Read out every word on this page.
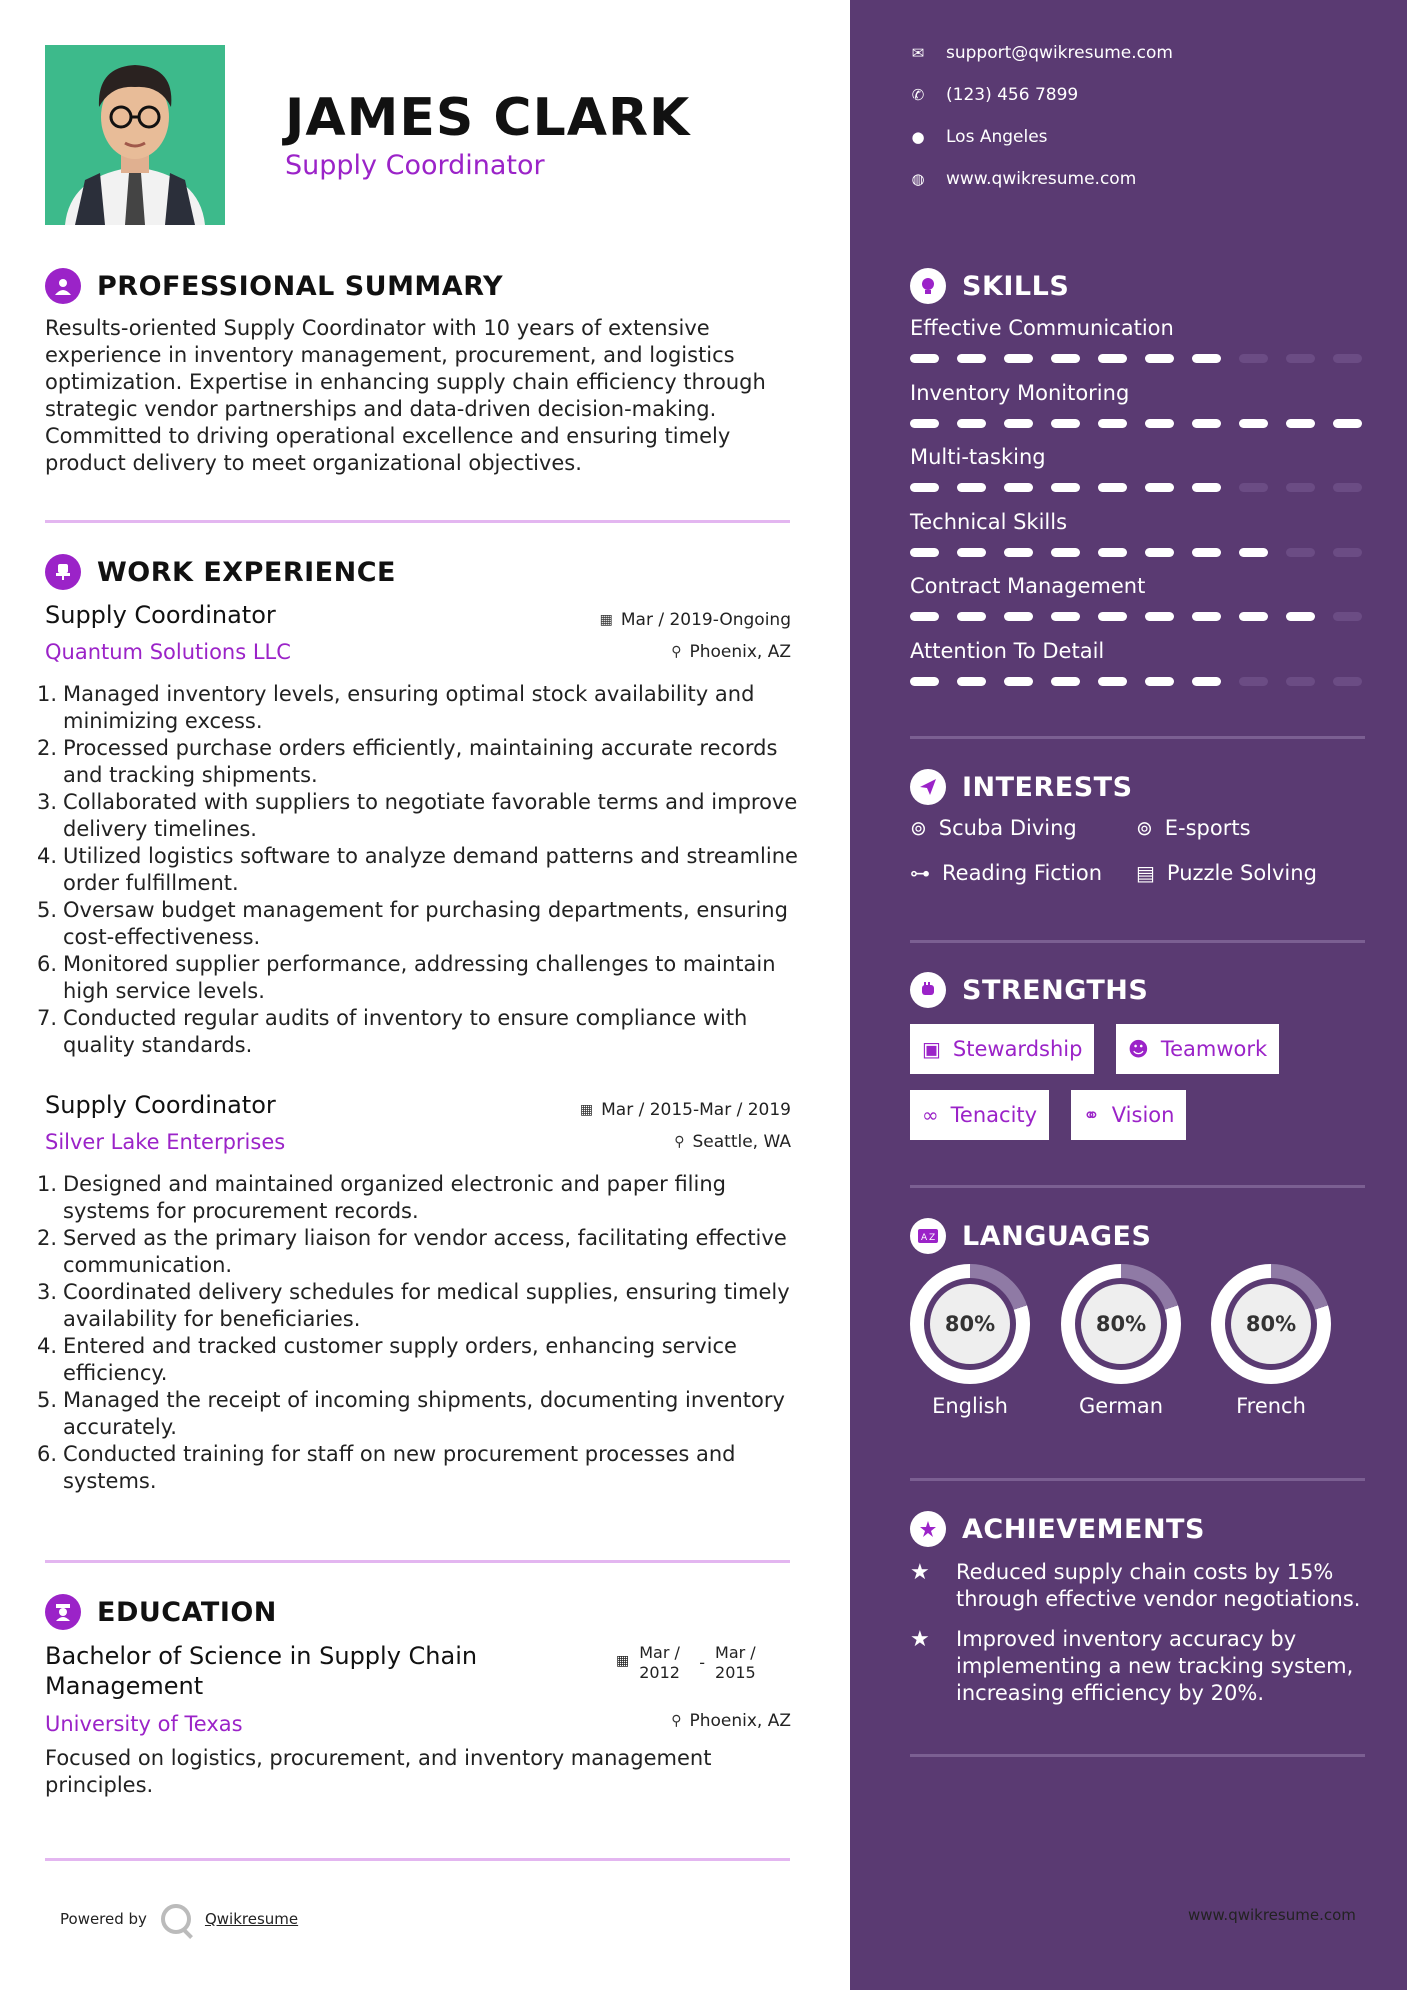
JAMES CLARK
Supply Coordinator
PROFESSIONAL SUMMARY
Results-oriented Supply Coordinator with 10 years of extensive experience in inventory management, procurement, and logistics optimization. Expertise in enhancing supply chain efficiency through strategic vendor partnerships and data-driven decision-making. Committed to driving operational excellence and ensuring timely product delivery to meet organizational objectives.
WORK EXPERIENCE
Supply Coordinator	▦ Mar / 2019-Ongoing
Quantum Solutions LLC	⚲ Phoenix, AZ
1. Managed inventory levels, ensuring optimal stock availability and minimizing excess.
2. Processed purchase orders efficiently, maintaining accurate records and tracking shipments.
3. Collaborated with suppliers to negotiate favorable terms and improve delivery timelines.
4. Utilized logistics software to analyze demand patterns and streamline order fulfillment.
5. Oversaw budget management for purchasing departments, ensuring cost-effectiveness.
6. Monitored supplier performance, addressing challenges to maintain high service levels.
7. Conducted regular audits of inventory to ensure compliance with quality standards.
Supply Coordinator	▦ Mar / 2015-Mar / 2019
Silver Lake Enterprises	⚲ Seattle, WA
1. Designed and maintained organized electronic and paper filing systems for procurement records.
2. Served as the primary liaison for vendor access, facilitating effective communication.
3. Coordinated delivery schedules for medical supplies, ensuring timely availability for beneficiaries.
4. Entered and tracked customer supply orders, enhancing service efficiency.
5. Managed the receipt of incoming shipments, documenting inventory accurately.
6. Conducted training for staff on new procurement processes and systems.
EDUCATION
Bachelor of Science in Supply Chain
Management
▦ Mar / 2012
-
Mar / 2015
University of Texas	⚲ Phoenix, AZ
Focused on logistics, procurement, and inventory management principles.
Powered by	Qwikresume
✉ support@qwikresume.com
✆ (123) 456 7899
● Los Angeles
◍ www.qwikresume.com
SKILLS
Effective Communication
Inventory Monitoring
Multi-tasking
Technical Skills
Contract Management
Attention To Detail
INTERESTS
⊚ Scuba Diving	⊚ E-sports
⊶ Reading Fiction ▤ Puzzle Solving
STRENGTHS
▣ Stewardship ☻ Teamwork
∞ Tenacity ⚭ Vision
A Z LANGUAGES
80%
English
80%
German
80%
French
ACHIEVEMENTS
★	Reduced supply chain costs by 15% through effective vendor negotiations.
★	Improved inventory accuracy by implementing a new tracking system, increasing efficiency by 20%.
www.qwikresume.com
